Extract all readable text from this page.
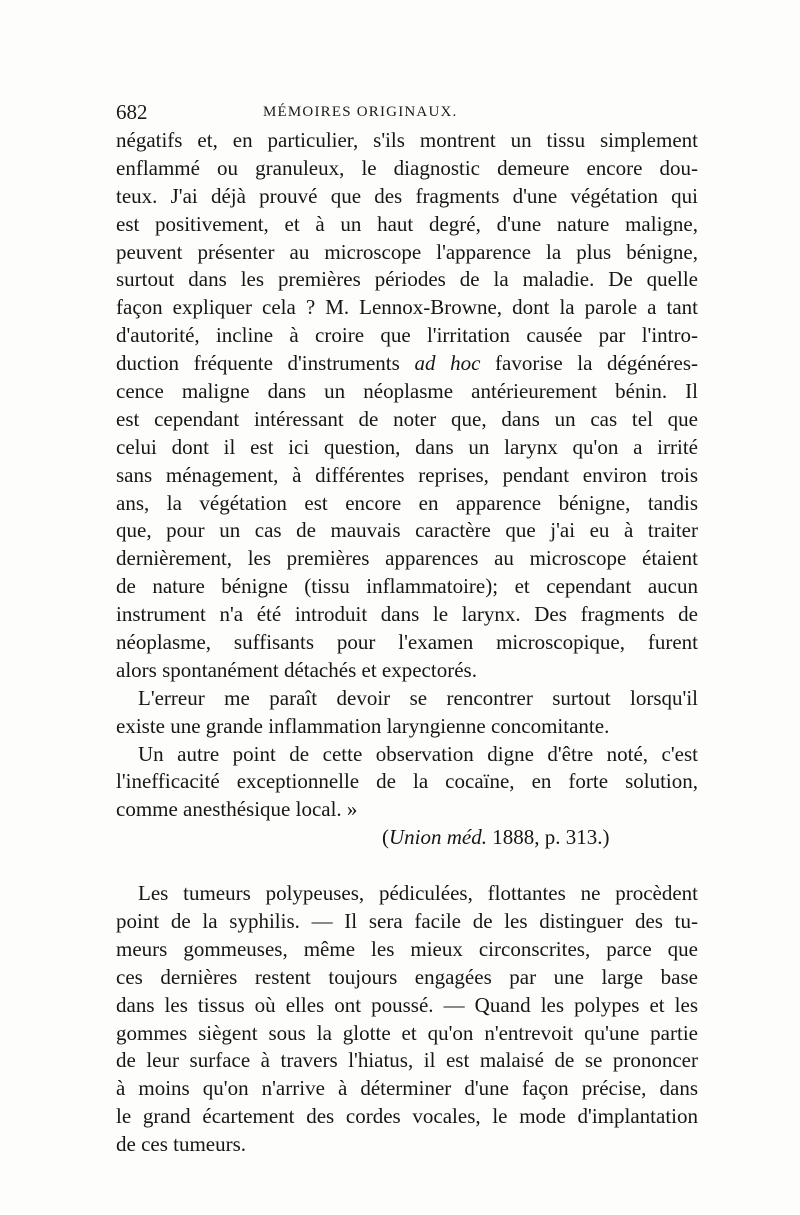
682	MÉMOIRES ORIGINAUX.
négatifs et, en particulier, s'ils montrent un tissu simplement
enflammé ou granuleux, le diagnostic demeure encore dou-
teux. J'ai déjà prouvé que des fragments d'une végétation qui
est positivement, et à un haut degré, d'une nature maligne,
peuvent présenter au microscope l'apparence la plus bénigne,
surtout dans les premières périodes de la maladie. De quelle
façon expliquer cela ? M. Lennox-Browne, dont la parole a tant
d'autorité, incline à croire que l'irritation causée par l'intro-
duction fréquente d'instruments ad hoc favorise la dégénéres-
cence maligne dans un néoplasme antérieurement bénin. Il
est cependant intéressant de noter que, dans un cas tel que
celui dont il est ici question, dans un larynx qu'on a irrité
sans ménagement, à différentes reprises, pendant environ trois
ans, la végétation est encore en apparence bénigne, tandis
que, pour un cas de mauvais caractère que j'ai eu à traiter
dernièrement, les premières apparences au microscope étaient
de nature bénigne (tissu inflammatoire); et cependant aucun
instrument n'a été introduit dans le larynx. Des fragments de
néoplasme, suffisants pour l'examen microscopique, furent
alors spontanément détachés et expectorés.
L'erreur me paraît devoir se rencontrer surtout lorsqu'il
existe une grande inflammation laryngienne concomitante.
Un autre point de cette observation digne d'être noté, c'est
l'inefficacité exceptionnelle de la cocaïne, en forte solution,
comme anesthésique local. »
(Union méd. 1888, p. 313.)
Les tumeurs polypeuses, pédiculées, flottantes ne procèdent
point de la syphilis. — Il sera facile de les distinguer des tu-
meurs gommeuses, même les mieux circonscrites, parce que
ces dernières restent toujours engagées par une large base
dans les tissus où elles ont poussé. — Quand les polypes et les
gommes siègent sous la glotte et qu'on n'entrevoit qu'une partie
de leur surface à travers l'hiatus, il est malaisé de se prononcer
à moins qu'on n'arrive à déterminer d'une façon précise, dans
le grand écartement des cordes vocales, le mode d'implantation
de ces tumeurs.
